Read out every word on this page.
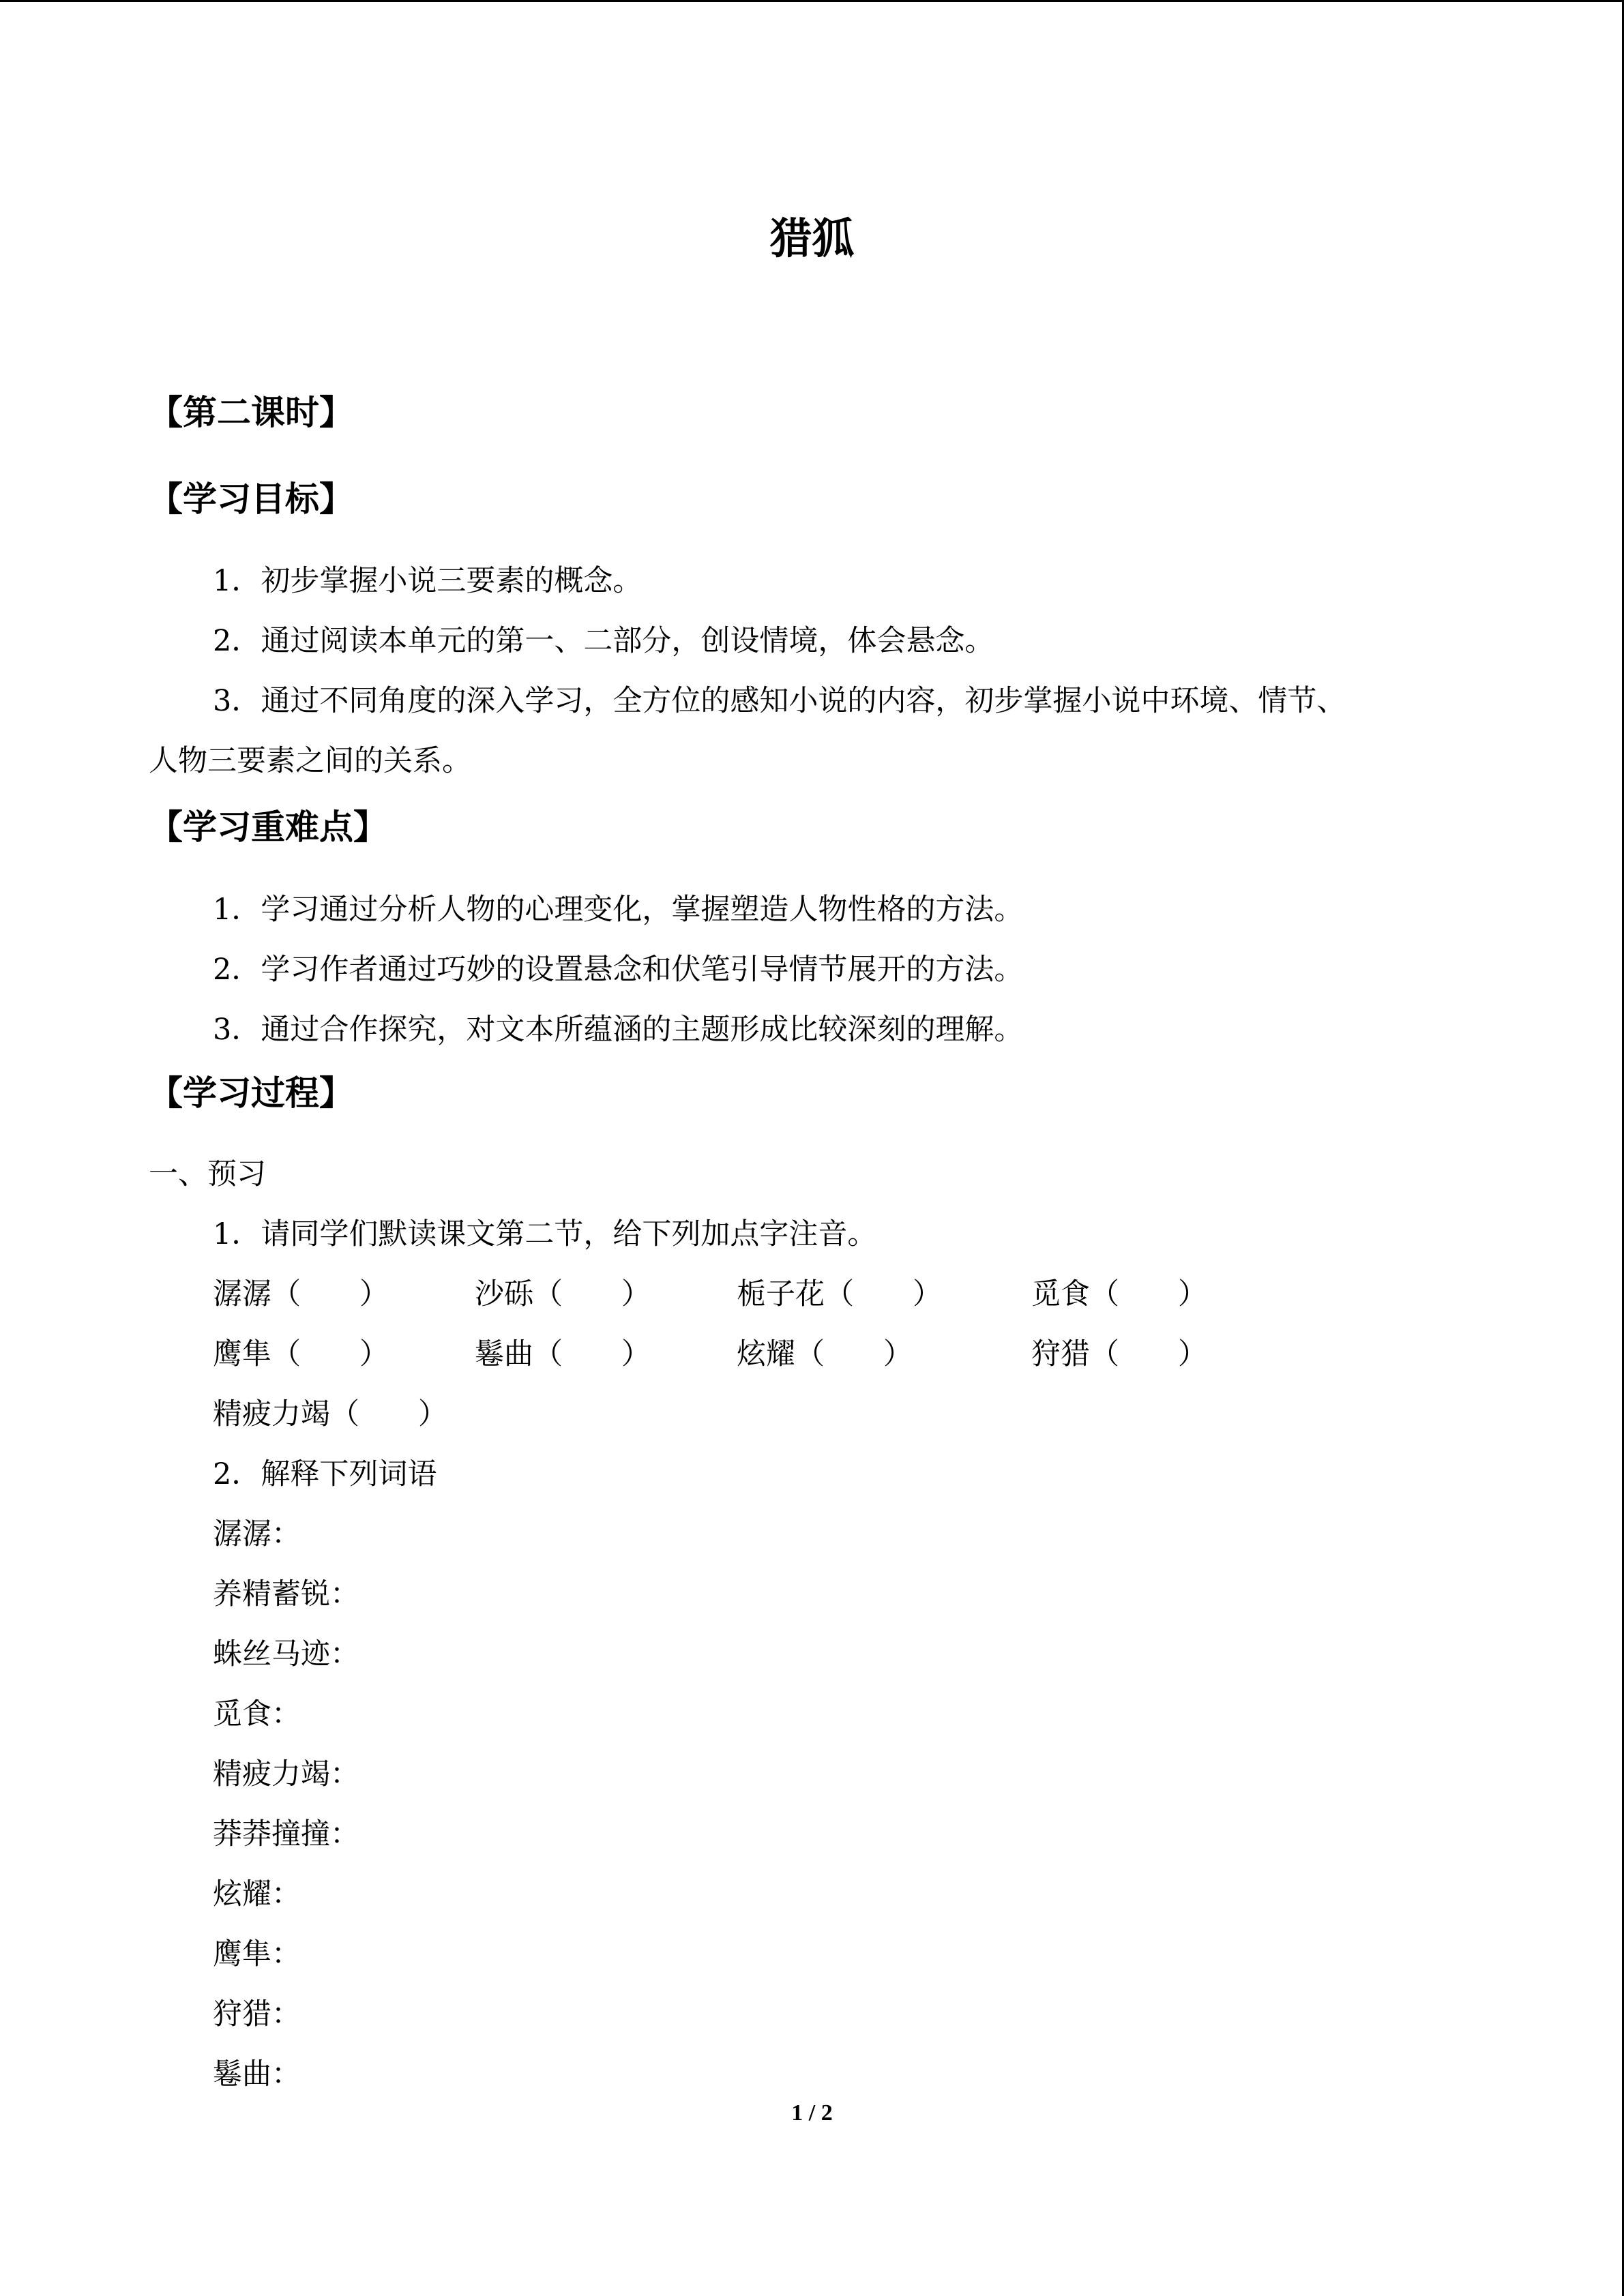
猎狐
【第二课时】
【学习目标】
1．初步掌握小说三要素的概念。
2．通过阅读本单元的第一、二部分，创设情境，体会悬念。
3．通过不同角度的深入学习，全方位的感知小说的内容，初步掌握小说中环境、情节、
人物三要素之间的关系。
【学习重难点】
1．学习通过分析人物的心理变化，掌握塑造人物性格的方法。
2．学习作者通过巧妙的设置悬念和伏笔引导情节展开的方法。
3．通过合作探究，对文本所蕴涵的主题形成比较深刻的理解。
【学习过程】
一、预习
1．请同学们默读课文第二节，给下列加点字注音。
潺潺（　　）	沙砾（　　）	栀子花（　　）	觅食（　　）
鹰隼（　　）	鬈曲（　　）	炫耀（　　）	狩猎（　　）
精疲力竭（　　）
2．解释下列词语
潺潺：
养精蓄锐：
蛛丝马迹：
觅食：
精疲力竭：
莽莽撞撞：
炫耀：
鹰隼：
狩猎：
鬈曲：
1 / 2
